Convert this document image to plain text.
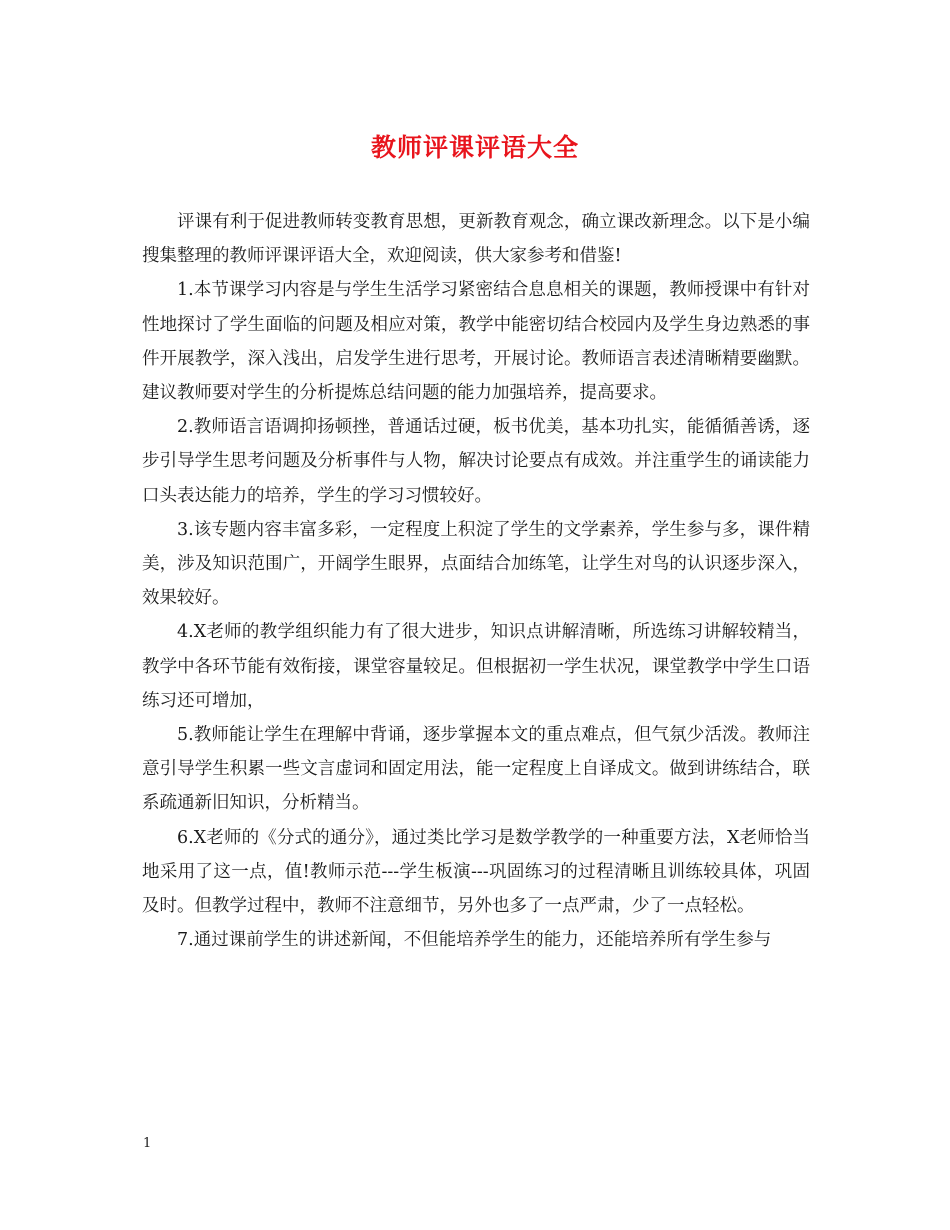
教师评课评语大全

评课有利于促进教师转变教育思想，更新教育观念，确立课改新理念。以下是小编搜集整理的教师评课评语大全，欢迎阅读，供大家参考和借鉴!

1.本节课学习内容是与学生生活学习紧密结合息息相关的课题，教师授课中有针对性地探讨了学生面临的问题及相应对策，教学中能密切结合校园内及学生身边熟悉的事件开展教学，深入浅出，启发学生进行思考，开展讨论。教师语言表述清晰精要幽默。建议教师要对学生的分析提炼总结问题的能力加强培养，提高要求。

2.教师语言语调抑扬顿挫，普通话过硬，板书优美，基本功扎实，能循循善诱，逐步引导学生思考问题及分析事件与人物，解决讨论要点有成效。并注重学生的诵读能力口头表达能力的培养，学生的学习习惯较好。

3.该专题内容丰富多彩，一定程度上积淀了学生的文学素养，学生参与多，课件精美，涉及知识范围广，开阔学生眼界，点面结合加练笔，让学生对鸟的认识逐步深入，效果较好。

4.X老师的教学组织能力有了很大进步，知识点讲解清晰，所选练习讲解较精当，教学中各环节能有效衔接，课堂容量较足。但根据初一学生状况，课堂教学中学生口语练习还可增加，

5.教师能让学生在理解中背诵，逐步掌握本文的重点难点，但气氛少活泼。教师注意引导学生积累一些文言虚词和固定用法，能一定程度上自译成文。做到讲练结合，联系疏通新旧知识，分析精当。

6.X老师的《分式的通分》，通过类比学习是数学教学的一种重要方法，X老师恰当地采用了这一点，值!教师示范---学生板演---巩固练习的过程清晰且训练较具体，巩固及时。但教学过程中，教师不注意细节，另外也多了一点严肃，少了一点轻松。

7.通过课前学生的讲述新闻，不但能培养学生的能力，还能培养所有学生参与

1
